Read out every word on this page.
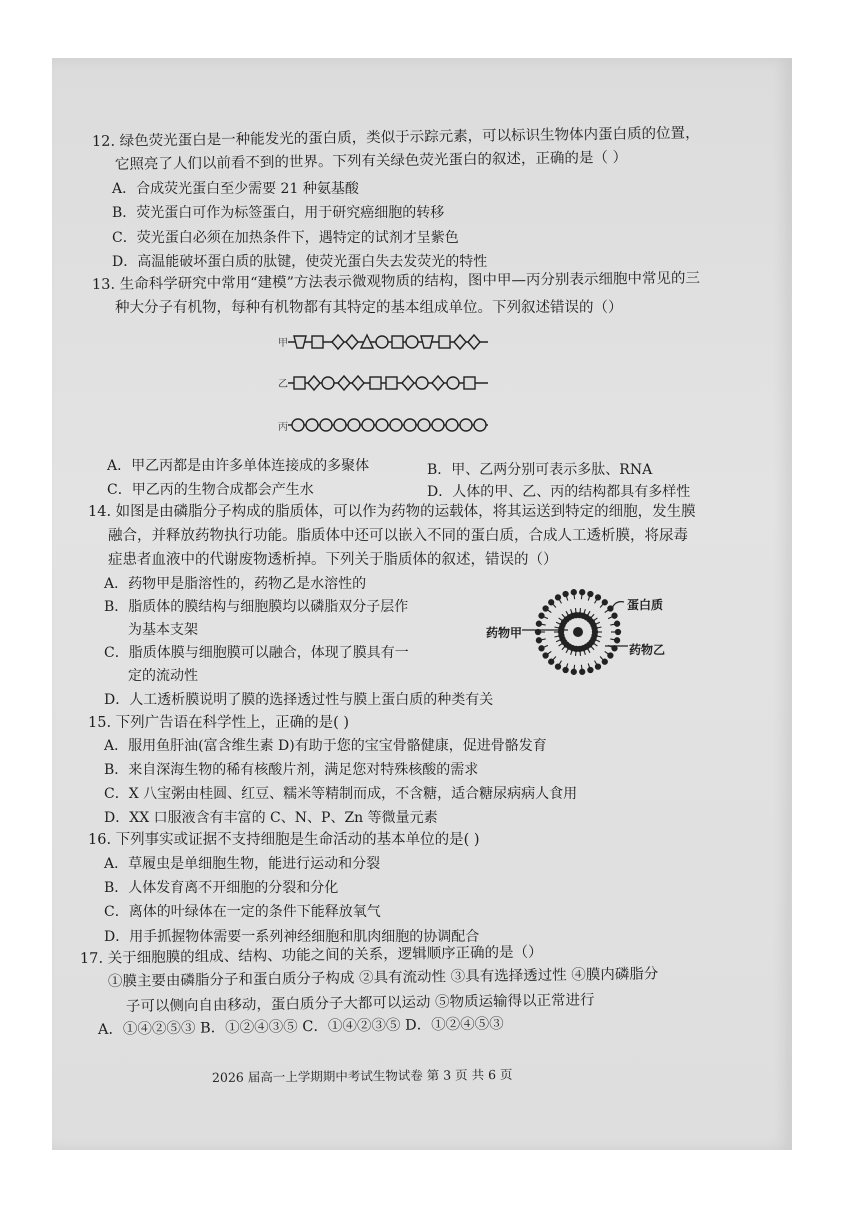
12. 绿色荧光蛋白是一种能发光的蛋白质，类似于示踪元素，可以标识生物体内蛋白质的位置，
它照亮了人们以前看不到的世界。下列有关绿色荧光蛋白的叙述，正确的是（ ）
A．合成荧光蛋白至少需要 21 种氨基酸
B．荧光蛋白可作为标签蛋白，用于研究癌细胞的转移
C．荧光蛋白必须在加热条件下，遇特定的试剂才呈紫色
D．高温能破坏蛋白质的肽键，使荧光蛋白失去发荧光的特性
13. 生命科学研究中常用“建模”方法表示微观物质的结构，图中甲—丙分别表示细胞中常见的三
种大分子有机物，每种有机物都有其特定的基本组成单位。下列叙述错误的（）
甲
乙
丙
A．甲乙丙都是由许多单体连接成的多聚体	B．甲、乙两分别可表示多肽、RNA
C．甲乙丙的生物合成都会产生水	D．人体的甲、乙、丙的结构都具有多样性
14. 如图是由磷脂分子构成的脂质体，可以作为药物的运载体，将其运送到特定的细胞，发生膜
融合，并释放药物执行功能。脂质体中还可以嵌入不同的蛋白质，合成人工透析膜，将尿毒
症患者血液中的代谢废物透析掉。下列关于脂质体的叙述，错误的（）
A．药物甲是脂溶性的，药物乙是水溶性的
B．脂质体的膜结构与细胞膜均以磷脂双分子层作
为基本支架
C．脂质体膜与细胞膜可以融合，体现了膜具有一
定的流动性
D．人工透析膜说明了膜的选择透过性与膜上蛋白质的种类有关
药物甲
蛋白质
药物乙
15. 下列广告语在科学性上，正确的是( )
A．服用鱼肝油(富含维生素 D)有助于您的宝宝骨骼健康，促进骨骼发育
B．来自深海生物的稀有核酸片剂，满足您对特殊核酸的需求
C．X 八宝粥由桂圆、红豆、糯米等精制而成，不含糖，适合糖尿病病人食用
D．XX 口服液含有丰富的 C、N、P、Zn 等微量元素
16. 下列事实或证据不支持细胞是生命活动的基本单位的是( )
A．草履虫是单细胞生物，能进行运动和分裂
B．人体发育离不开细胞的分裂和分化
C．离体的叶绿体在一定的条件下能释放氧气
D．用手抓握物体需要一系列神经细胞和肌肉细胞的协调配合
17. 关于细胞膜的组成、结构、功能之间的关系，逻辑顺序正确的是（）
①膜主要由磷脂分子和蛋白质分子构成 ②具有流动性 ③具有选择透过性 ④膜内磷脂分
子可以侧向自由移动，蛋白质分子大都可以运动 ⑤物质运输得以正常进行
A．①④②⑤③ B．①②④③⑤ C．①④②③⑤ D．①②④⑤③
2026 届高一上学期期中考试生物试卷 第 3 页 共 6 页
